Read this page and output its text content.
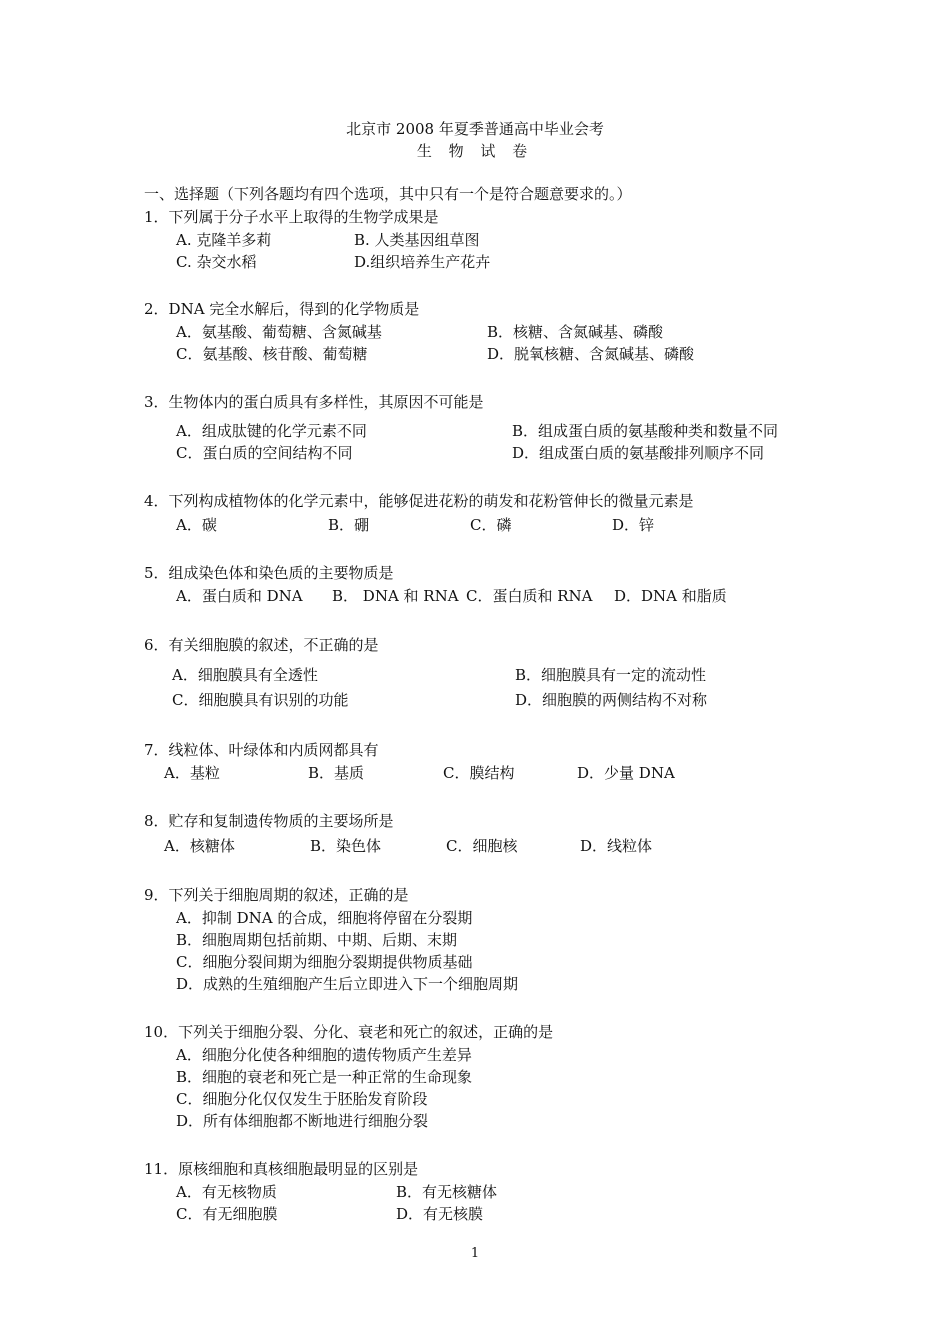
北京市 2008 年夏季普通高中毕业会考
生 物 试 卷
一、选择题（下列各题均有四个选项，其中只有一个是符合题意要求的。）
1．下列属于分子水平上取得的生物学成果是
A. 克隆羊多莉	B. 人类基因组草图
C. 杂交水稻	D.组织培养生产花卉
2．DNA 完全水解后，得到的化学物质是
A．氨基酸、葡萄糖、含氮碱基	B．核糖、含氮碱基、磷酸
C．氨基酸、核苷酸、葡萄糖	D．脱氧核糖、含氮碱基、磷酸
3．生物体内的蛋白质具有多样性，其原因不可能是
A．组成肽键的化学元素不同	B．组成蛋白质的氨基酸种类和数量不同
C．蛋白质的空间结构不同	D．组成蛋白质的氨基酸排列顺序不同
4．下列构成植物体的化学元素中，能够促进花粉的萌发和花粉管伸长的微量元素是
A．碳	B．硼	C．磷	D．锌
5．组成染色体和染色质的主要物质是
A．蛋白质和 DNA B． DNA 和 RNA C．蛋白质和 RNA D．DNA 和脂质
6．有关细胞膜的叙述，不正确的是
A．细胞膜具有全透性	B．细胞膜具有一定的流动性
C．细胞膜具有识别的功能	D．细胞膜的两侧结构不对称
7．线粒体、叶绿体和内质网都具有
A．基粒	B．基质	C．膜结构	D．少量 DNA
8．贮存和复制遗传物质的主要场所是
A．核糖体	B．染色体	C．细胞核	D．线粒体
9．下列关于细胞周期的叙述，正确的是
A．抑制 DNA 的合成，细胞将停留在分裂期
B．细胞周期包括前期、中期、后期、末期
C．细胞分裂间期为细胞分裂期提供物质基础
D．成熟的生殖细胞产生后立即进入下一个细胞周期
10．下列关于细胞分裂、分化、衰老和死亡的叙述，正确的是
A．细胞分化使各种细胞的遗传物质产生差异
B．细胞的衰老和死亡是一种正常的生命现象
C．细胞分化仅仅发生于胚胎发育阶段
D．所有体细胞都不断地进行细胞分裂
11．原核细胞和真核细胞最明显的区别是
A．有无核物质	B．有无核糖体
C．有无细胞膜	D．有无核膜
1
